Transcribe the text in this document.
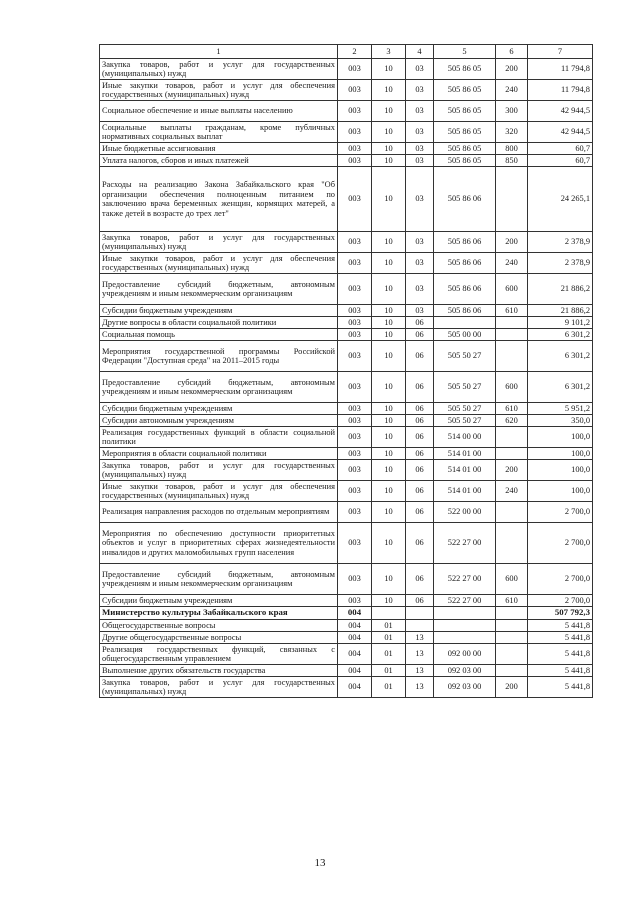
1	2	3	4	5	6	7
Закупка товаров, работ и услуг для государственных (муниципальных) нужд	003	10	03	505 86 05	200	11 794,8
Иные закупки товаров, работ и услуг для обеспечения государственных (муниципальных) нужд	003	10	03	505 86 05	240	11 794,8
Социальное обеспечение и иные выплаты населению	003	10	03	505 86 05	300	42 944,5
Социальные выплаты гражданам, кроме публичных нормативных социальных выплат	003	10	03	505 86 05	320	42 944,5
Иные бюджетные ассигнования	003	10	03	505 86 05	800	60,7
Уплата налогов, сборов и иных платежей	003	10	03	505 86 05	850	60,7
Расходы на реализацию Закона Забайкальского края "Об организации обеспечения полноценным питанием по заключению врача беременных женщин, кормящих матерей, а также детей в возрасте до трех лет"	003	10	03	505 86 06		24 265,1
Закупка товаров, работ и услуг для государственных (муниципальных) нужд	003	10	03	505 86 06	200	2 378,9
Иные закупки товаров, работ и услуг для обеспечения государственных (муниципальных) нужд	003	10	03	505 86 06	240	2 378,9
Предоставление субсидий бюджетным, автономным учреждениям и иным некоммерческим организациям	003	10	03	505 86 06	600	21 886,2
Субсидии бюджетным учреждениям	003	10	03	505 86 06	610	21 886,2
Другие вопросы в области социальной политики	003	10	06			9 101,2
Социальная помощь	003	10	06	505 00 00		6 301,2
Мероприятия государственной программы Российской Федерации "Доступная среда" на 2011–2015 годы	003	10	06	505 50 27		6 301,2
Предоставление субсидий бюджетным, автономным учреждениям и иным некоммерческим организациям	003	10	06	505 50 27	600	6 301,2
Субсидии бюджетным учреждениям	003	10	06	505 50 27	610	5 951,2
Субсидии автономным учреждениям	003	10	06	505 50 27	620	350,0
Реализация государственных функций в области социальной политики	003	10	06	514 00 00		100,0
Мероприятия в области социальной политики	003	10	06	514 01 00		100,0
Закупка товаров, работ и услуг для государственных (муниципальных) нужд	003	10	06	514 01 00	200	100,0
Иные закупки товаров, работ и услуг для обеспечения государственных (муниципальных) нужд	003	10	06	514 01 00	240	100,0
Реализация направления расходов по отдельным мероприятиям	003	10	06	522 00 00		2 700,0
Мероприятия по обеспечению доступности приоритетных объектов и услуг в приоритетных сферах жизнедеятельности инвалидов и других маломобильных групп населения	003	10	06	522 27 00		2 700,0
Предоставление субсидий бюджетным, автономным учреждениям и иным некоммерческим организациям	003	10	06	522 27 00	600	2 700,0
Субсидии бюджетным учреждениям	003	10	06	522 27 00	610	2 700,0
Министерство культуры Забайкальского края	004					507 792,3
Общегосударственные вопросы	004	01				5 441,8
Другие общегосударственные вопросы	004	01	13			5 441,8
Реализация государственных функций, связанных с общегосударственным управлением	004	01	13	092 00 00		5 441,8
Выполнение других обязательств государства	004	01	13	092 03 00		5 441,8
Закупка товаров, работ и услуг для государственных (муниципальных) нужд	004	01	13	092 03 00	200	5 441,8
13
